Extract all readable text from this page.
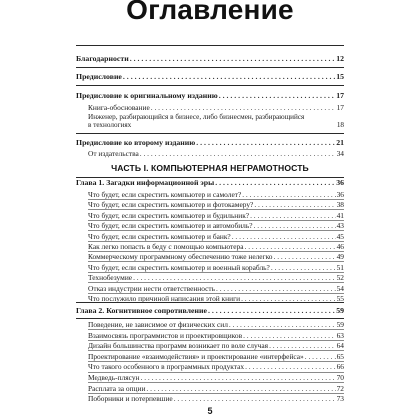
Оглавление
Благодарности . . .	12
Предисловие . . .	15
Предисловие к оригинальному изданию . . .	17
Книга-обоснование . . .	17
Инженер, разбирающийся в бизнесе, либо бизнесмен, разбирающийся
в технологиях	18
Предисловие ко второму изданию . . .	21
От издательства . . .	34
ЧАСТЬ I. КОМПЬЮТЕРНАЯ НЕГРАМОТНОСТЬ
Глава 1. Загадки информационной эры . . .	36
Что будет, если скрестить компьютер и самолет? . . .	36
Что будет, если скрестить компьютер и фотокамеру? . . .	38
Что будет, если скрестить компьютер и будильник? . . .	41
Что будет, если скрестить компьютер и автомобиль? . . .	43
Что будет, если скрестить компьютер и банк? . . .	45
Как легко попасть в беду с помощью компьютера . . .	46
Коммерческому программному обеспечению тоже нелегко . . .	49
Что будет, если скрестить компьютер и военный корабль? . . .	51
Технобезумие . . .	52
Отказ индустрии нести ответственность . . .	54
Что послужило причиной написания этой книги . . .	55
Глава 2. Когнитивное сопротивление . . .	59
Поведение, не зависимое от физических сил . . .	59
Взаимосвязь программистов и проектировщиков . . .	63
Дизайн большинства программ возникает по воле случая . . .	64
Проектирование «взаимодействия» и проектирование «интерфейса» . . .	65
Что такого особенного в программных продуктах . . .	66
Медведь-плясун . . .	70
Расплата за опции . . .	72
Поборники и потерпевшие . . .	73
5
